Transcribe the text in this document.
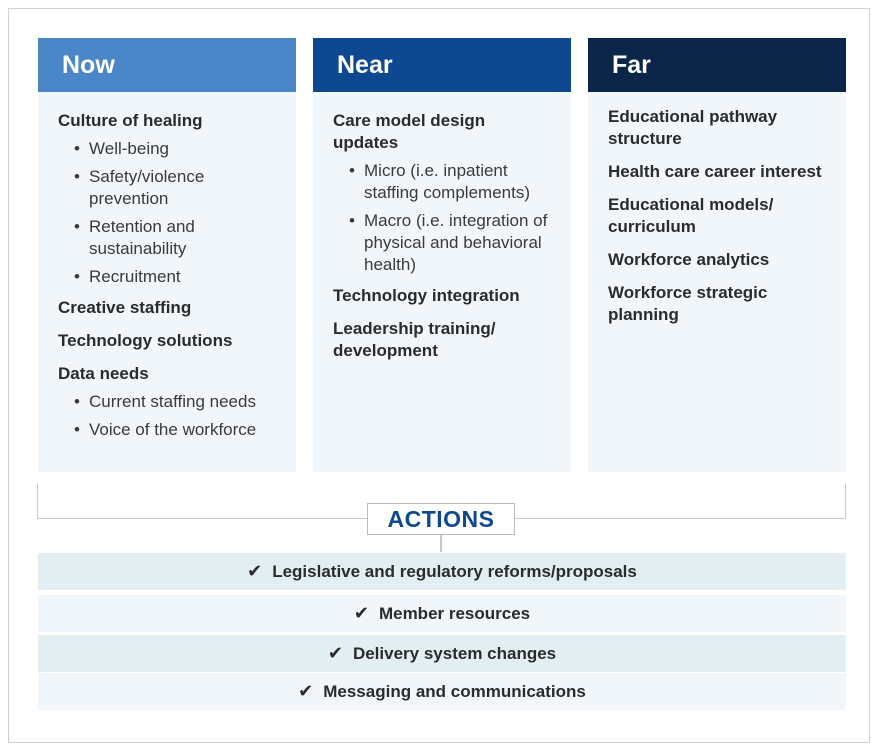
Now
Culture of healing
• Well-being
• Safety/violence prevention
• Retention and sustainability
• Recruitment
Creative staffing
Technology solutions
Data needs
• Current staffing needs
• Voice of the workforce
Near
Care model design updates
• Micro (i.e. inpatient staffing complements)
• Macro (i.e. integration of physical and behavioral health)
Technology integration
Leadership training/ development
Far
Educational pathway structure
Health care career interest
Educational models/ curriculum
Workforce analytics
Workforce strategic planning
ACTIONS
✔ Legislative and regulatory reforms/proposals
✔ Member resources
✔ Delivery system changes
✔ Messaging and communications
